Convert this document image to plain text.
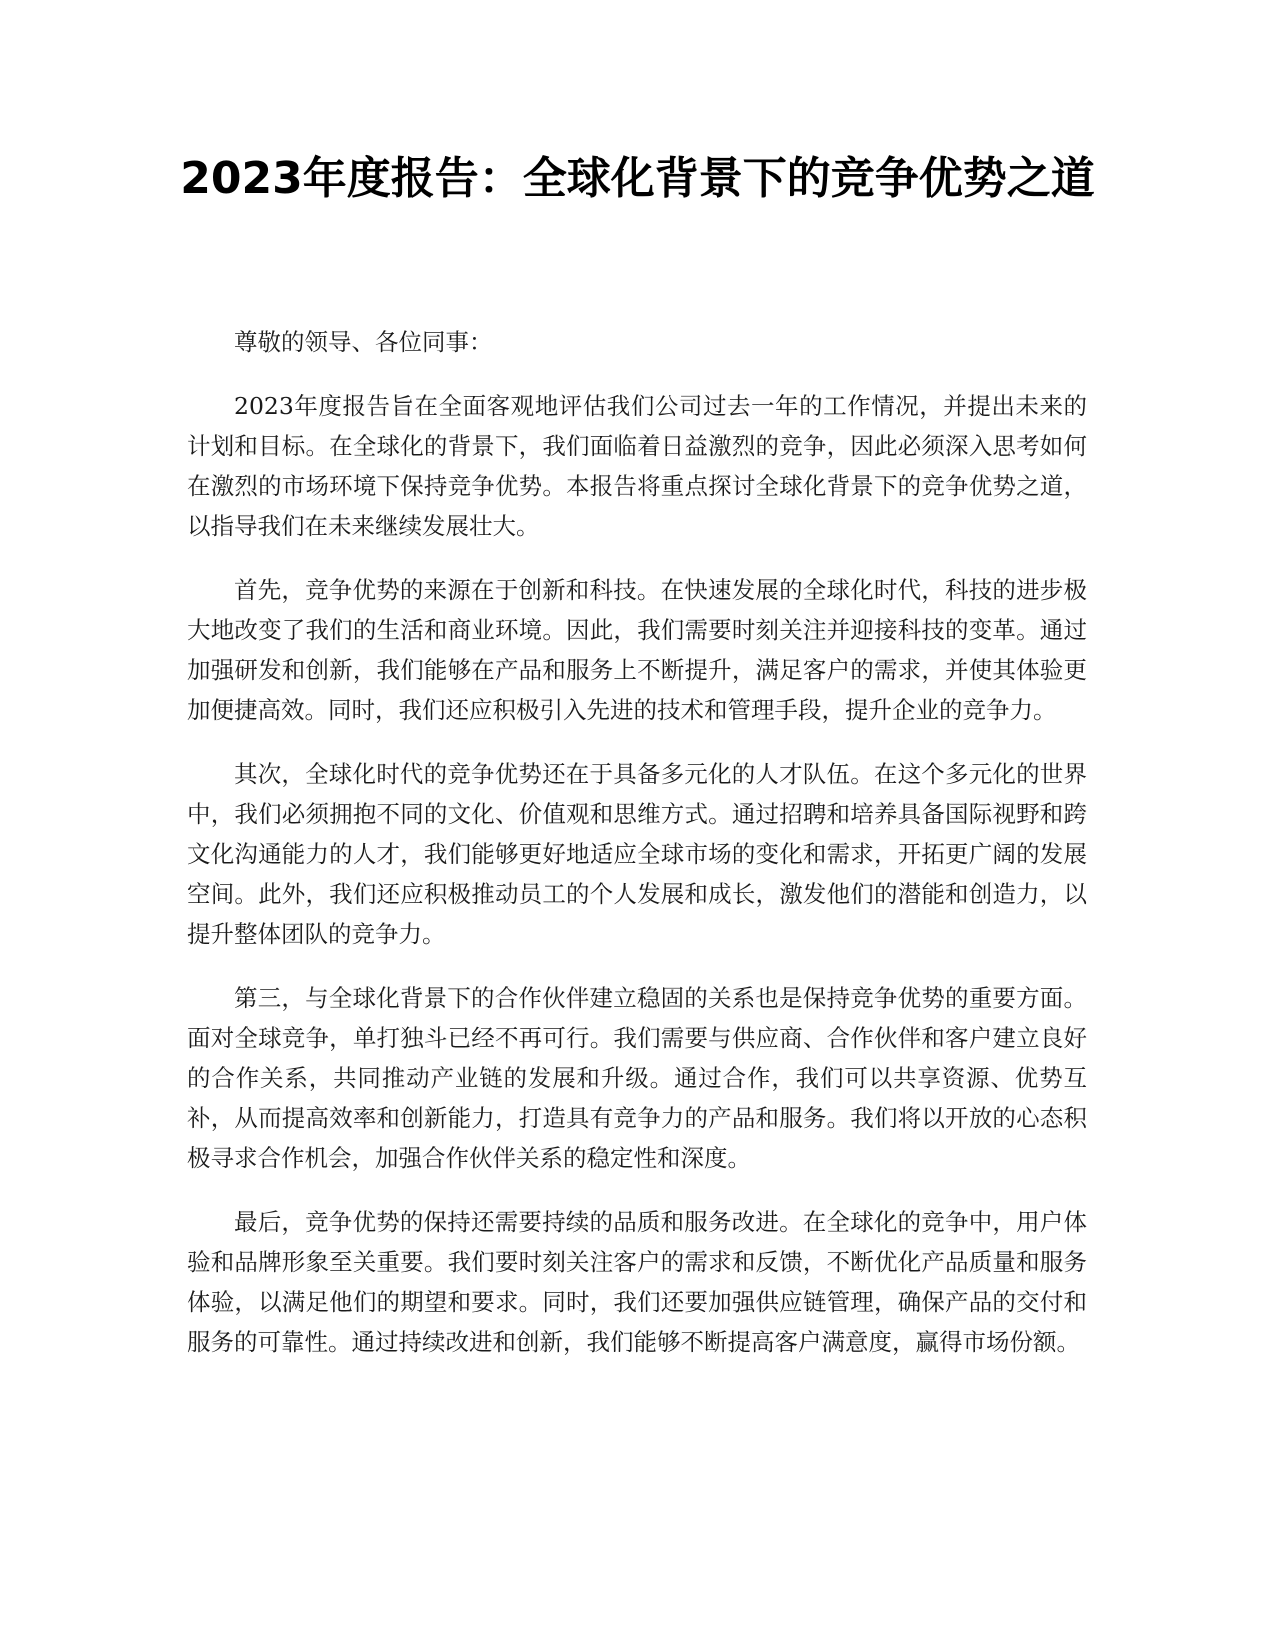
2023年度报告：全球化背景下的竞争优势之道

尊敬的领导、各位同事：

2023年度报告旨在全面客观地评估我们公司过去一年的工作情况，并提出未来的计划和目标。在全球化的背景下，我们面临着日益激烈的竞争，因此必须深入思考如何在激烈的市场环境下保持竞争优势。本报告将重点探讨全球化背景下的竞争优势之道，以指导我们在未来继续发展壮大。

首先，竞争优势的来源在于创新和科技。在快速发展的全球化时代，科技的进步极大地改变了我们的生活和商业环境。因此，我们需要时刻关注并迎接科技的变革。通过加强研发和创新，我们能够在产品和服务上不断提升，满足客户的需求，并使其体验更加便捷高效。同时，我们还应积极引入先进的技术和管理手段，提升企业的竞争力。

其次，全球化时代的竞争优势还在于具备多元化的人才队伍。在这个多元化的世界中，我们必须拥抱不同的文化、价值观和思维方式。通过招聘和培养具备国际视野和跨文化沟通能力的人才，我们能够更好地适应全球市场的变化和需求，开拓更广阔的发展空间。此外，我们还应积极推动员工的个人发展和成长，激发他们的潜能和创造力，以提升整体团队的竞争力。

第三，与全球化背景下的合作伙伴建立稳固的关系也是保持竞争优势的重要方面。面对全球竞争，单打独斗已经不再可行。我们需要与供应商、合作伙伴和客户建立良好的合作关系，共同推动产业链的发展和升级。通过合作，我们可以共享资源、优势互补，从而提高效率和创新能力，打造具有竞争力的产品和服务。我们将以开放的心态积极寻求合作机会，加强合作伙伴关系的稳定性和深度。

最后，竞争优势的保持还需要持续的品质和服务改进。在全球化的竞争中，用户体验和品牌形象至关重要。我们要时刻关注客户的需求和反馈，不断优化产品质量和服务体验，以满足他们的期望和要求。同时，我们还要加强供应链管理，确保产品的交付和服务的可靠性。通过持续改进和创新，我们能够不断提高客户满意度，赢得市场份额。
